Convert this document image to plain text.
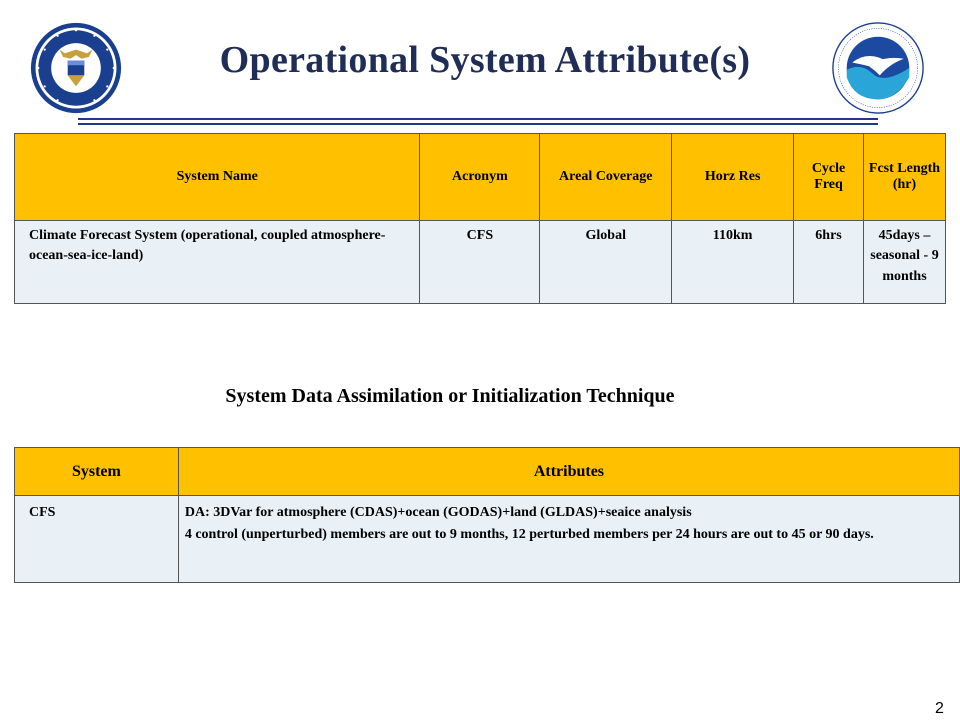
Operational System Attribute(s)
System Name	Acronym	Areal Coverage	Horz Res	Cycle Freq	Fcst Length (hr)
Climate Forecast System (operational, coupled atmosphere-ocean-sea-ice-land)	CFS	Global	110km	6hrs	45days – seasonal - 9 months
System Data Assimilation or Initialization Technique
System	Attributes
CFS	DA: 3DVar for atmosphere (CDAS)+ocean (GODAS)+land (GLDAS)+seaice analysis
4 control (unperturbed) members are out to 9 months, 12 perturbed members per 24 hours are out to 45 or 90 days.
2
